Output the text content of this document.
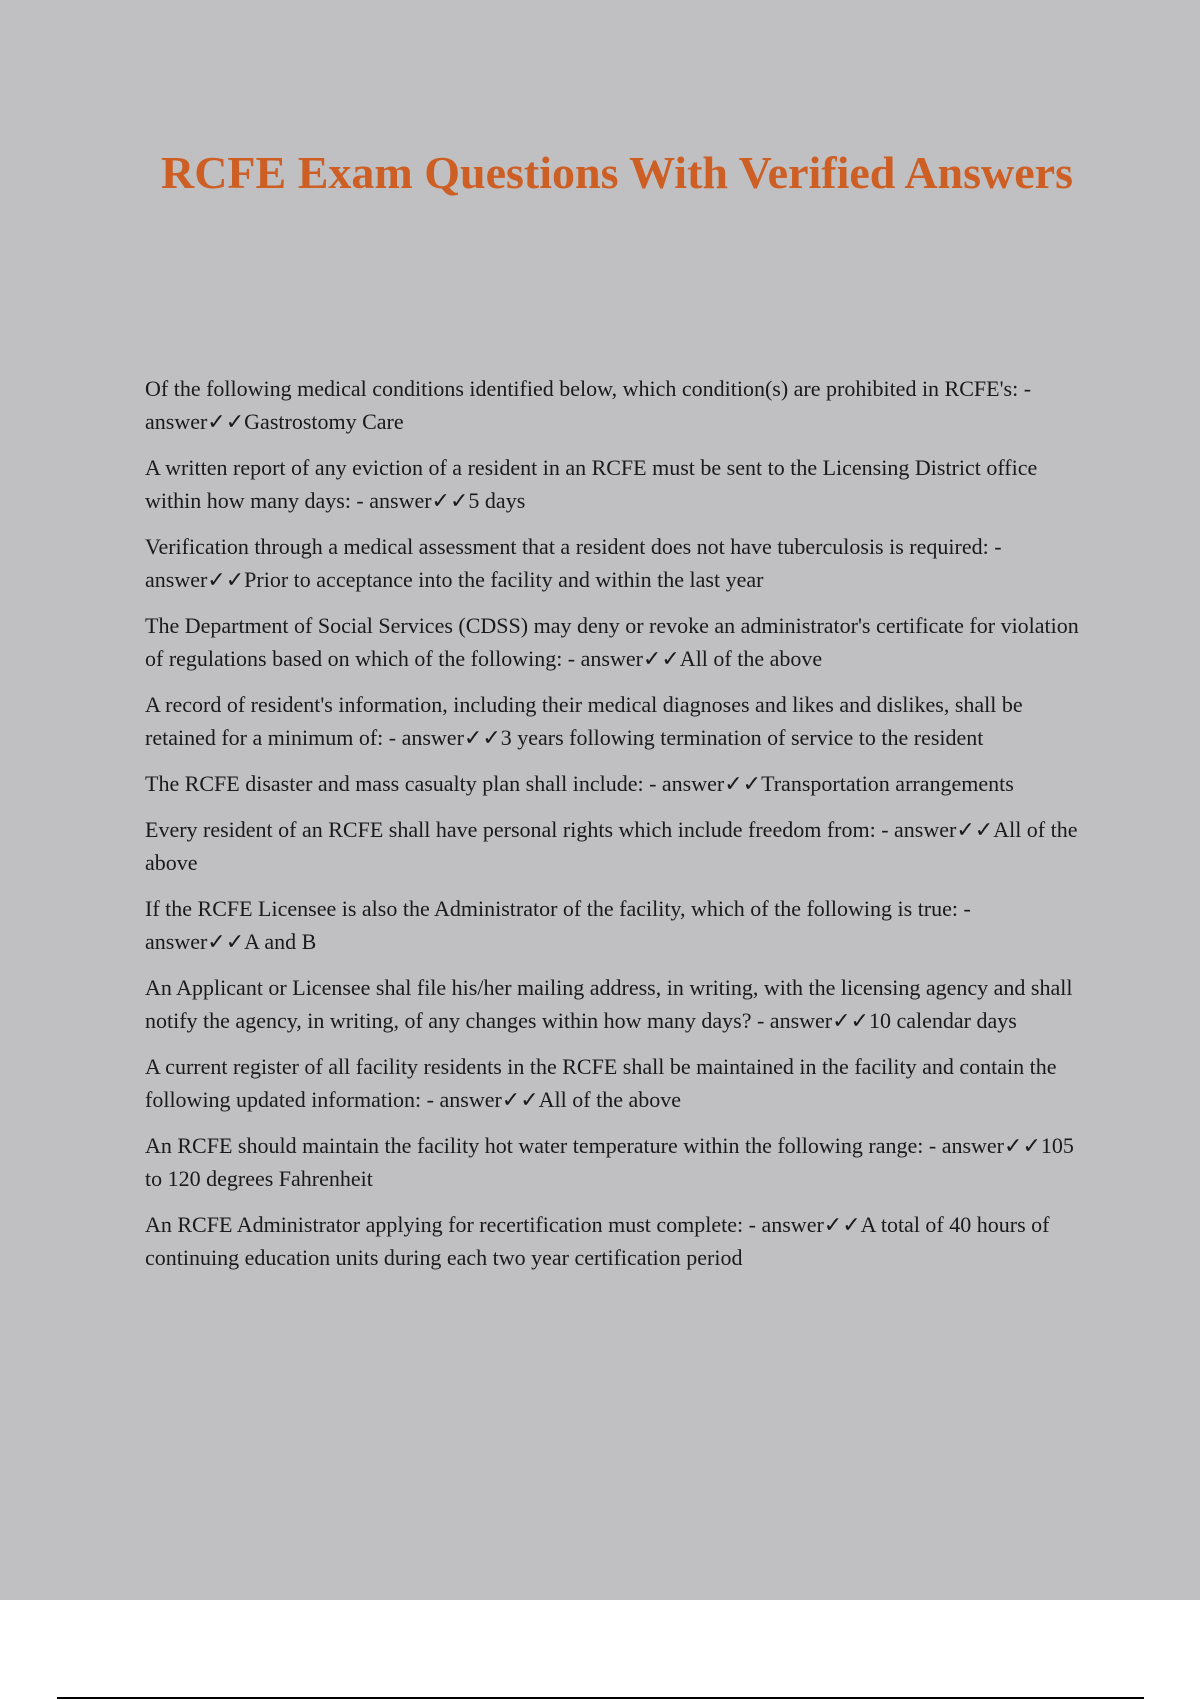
RCFE Exam Questions With Verified Answers

Of the following medical conditions identified below, which condition(s) are prohibited in RCFE's: - answer✓✓Gastrostomy Care

A written report of any eviction of a resident in an RCFE must be sent to the Licensing District office within how many days: - answer✓✓5 days

Verification through a medical assessment that a resident does not have tuberculosis is required: - answer✓✓Prior to acceptance into the facility and within the last year

The Department of Social Services (CDSS) may deny or revoke an administrator's certificate for violation of regulations based on which of the following: - answer✓✓All of the above

A record of resident's information, including their medical diagnoses and likes and dislikes, shall be retained for a minimum of: - answer✓✓3 years following termination of service to the resident

The RCFE disaster and mass casualty plan shall include: - answer✓✓Transportation arrangements

Every resident of an RCFE shall have personal rights which include freedom from: - answer✓✓All of the above

If the RCFE Licensee is also the Administrator of the facility, which of the following is true: - answer✓✓A and B

An Applicant or Licensee shal file his/her mailing address, in writing, with the licensing agency and shall notify the agency, in writing, of any changes within how many days? - answer✓✓10 calendar days

A current register of all facility residents in the RCFE shall be maintained in the facility and contain the following updated information: - answer✓✓All of the above

An RCFE should maintain the facility hot water temperature within the following range: - answer✓✓105 to 120 degrees Fahrenheit

An RCFE Administrator applying for recertification must complete: - answer✓✓A total of 40 hours of continuing education units during each two year certification period
